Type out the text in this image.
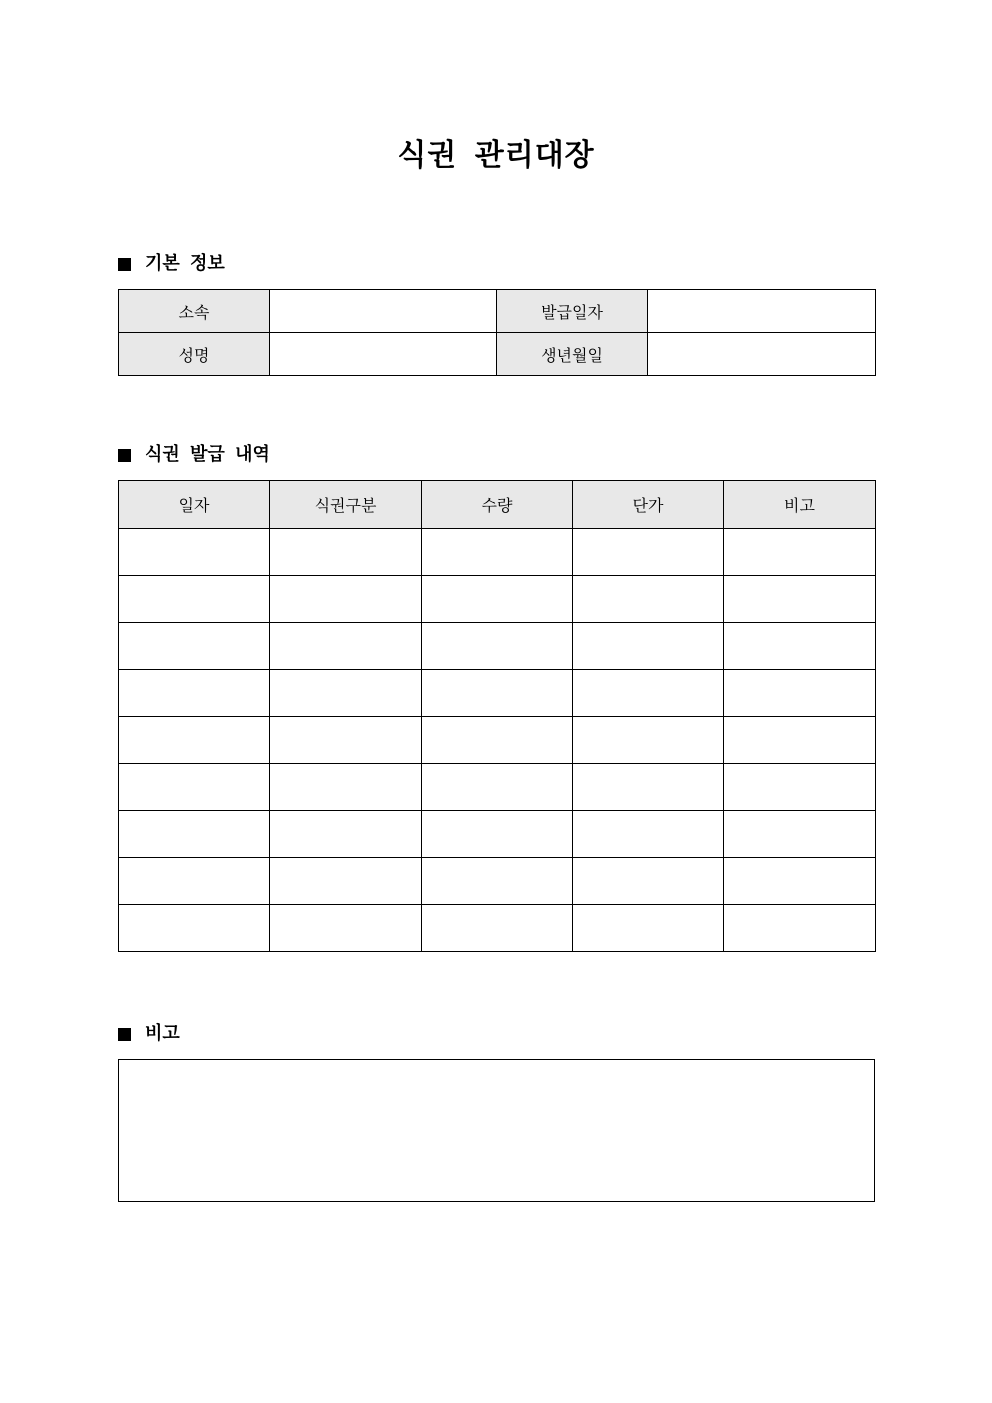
식권 관리대장
기본 정보
소속		발급일자	
성명		생년월일	
식권 발급 내역
일자	식권구분	수량	단가	비고

비고
